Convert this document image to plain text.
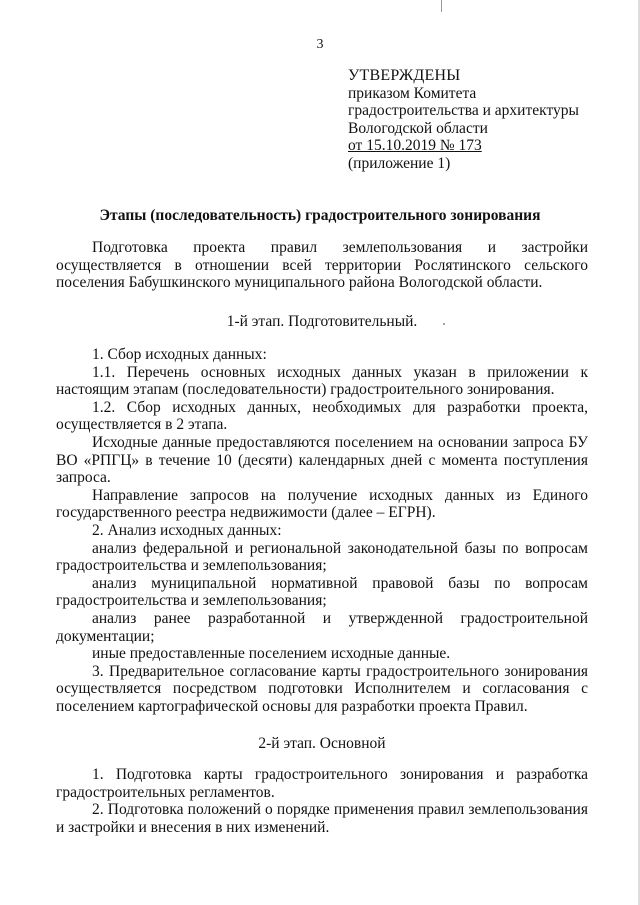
3
УТВЕРЖДЕНЫ
приказом Комитета
градостроительства и архитектуры
Вологодской области
от 15.10.2019 № 173
(приложение 1)
Этапы (последовательность) градостроительного зонирования

Подготовка проекта правил землепользования и застройки осуществляется в отношении всей территории Рослятинского сельского поселения Бабушкинского муниципального района Вологодской области.

1-й этап. Подготовительный.

1. Сбор исходных данных:

1.1. Перечень основных исходных данных указан в приложении к настоящим этапам (последовательности) градостроительного зонирования.

1.2. Сбор исходных данных, необходимых для разработки проекта, осуществляется в 2 этапа.

Исходные данные предоставляются поселением на основании запроса БУ ВО «РПГЦ» в течение 10 (десяти) календарных дней с момента поступления запроса.

Направление запросов на получение исходных данных из Единого государственного реестра недвижимости (далее – ЕГРН).

2. Анализ исходных данных:

анализ федеральной и региональной законодательной базы по вопросам градостроительства и землепользования;

анализ муниципальной нормативной правовой базы по вопросам градостроительства и землепользования;

анализ ранее разработанной и утвержденной градостроительной документации;

иные предоставленные поселением исходные данные.

3. Предварительное согласование карты градостроительного зонирования осуществляется посредством подготовки Исполнителем и согласования с поселением картографической основы для разработки проекта Правил.

2-й этап. Основной

1. Подготовка карты градостроительного зонирования и разработка градостроительных регламентов.

2. Подготовка положений о порядке применения правил землепользования и застройки и внесения в них изменений.
